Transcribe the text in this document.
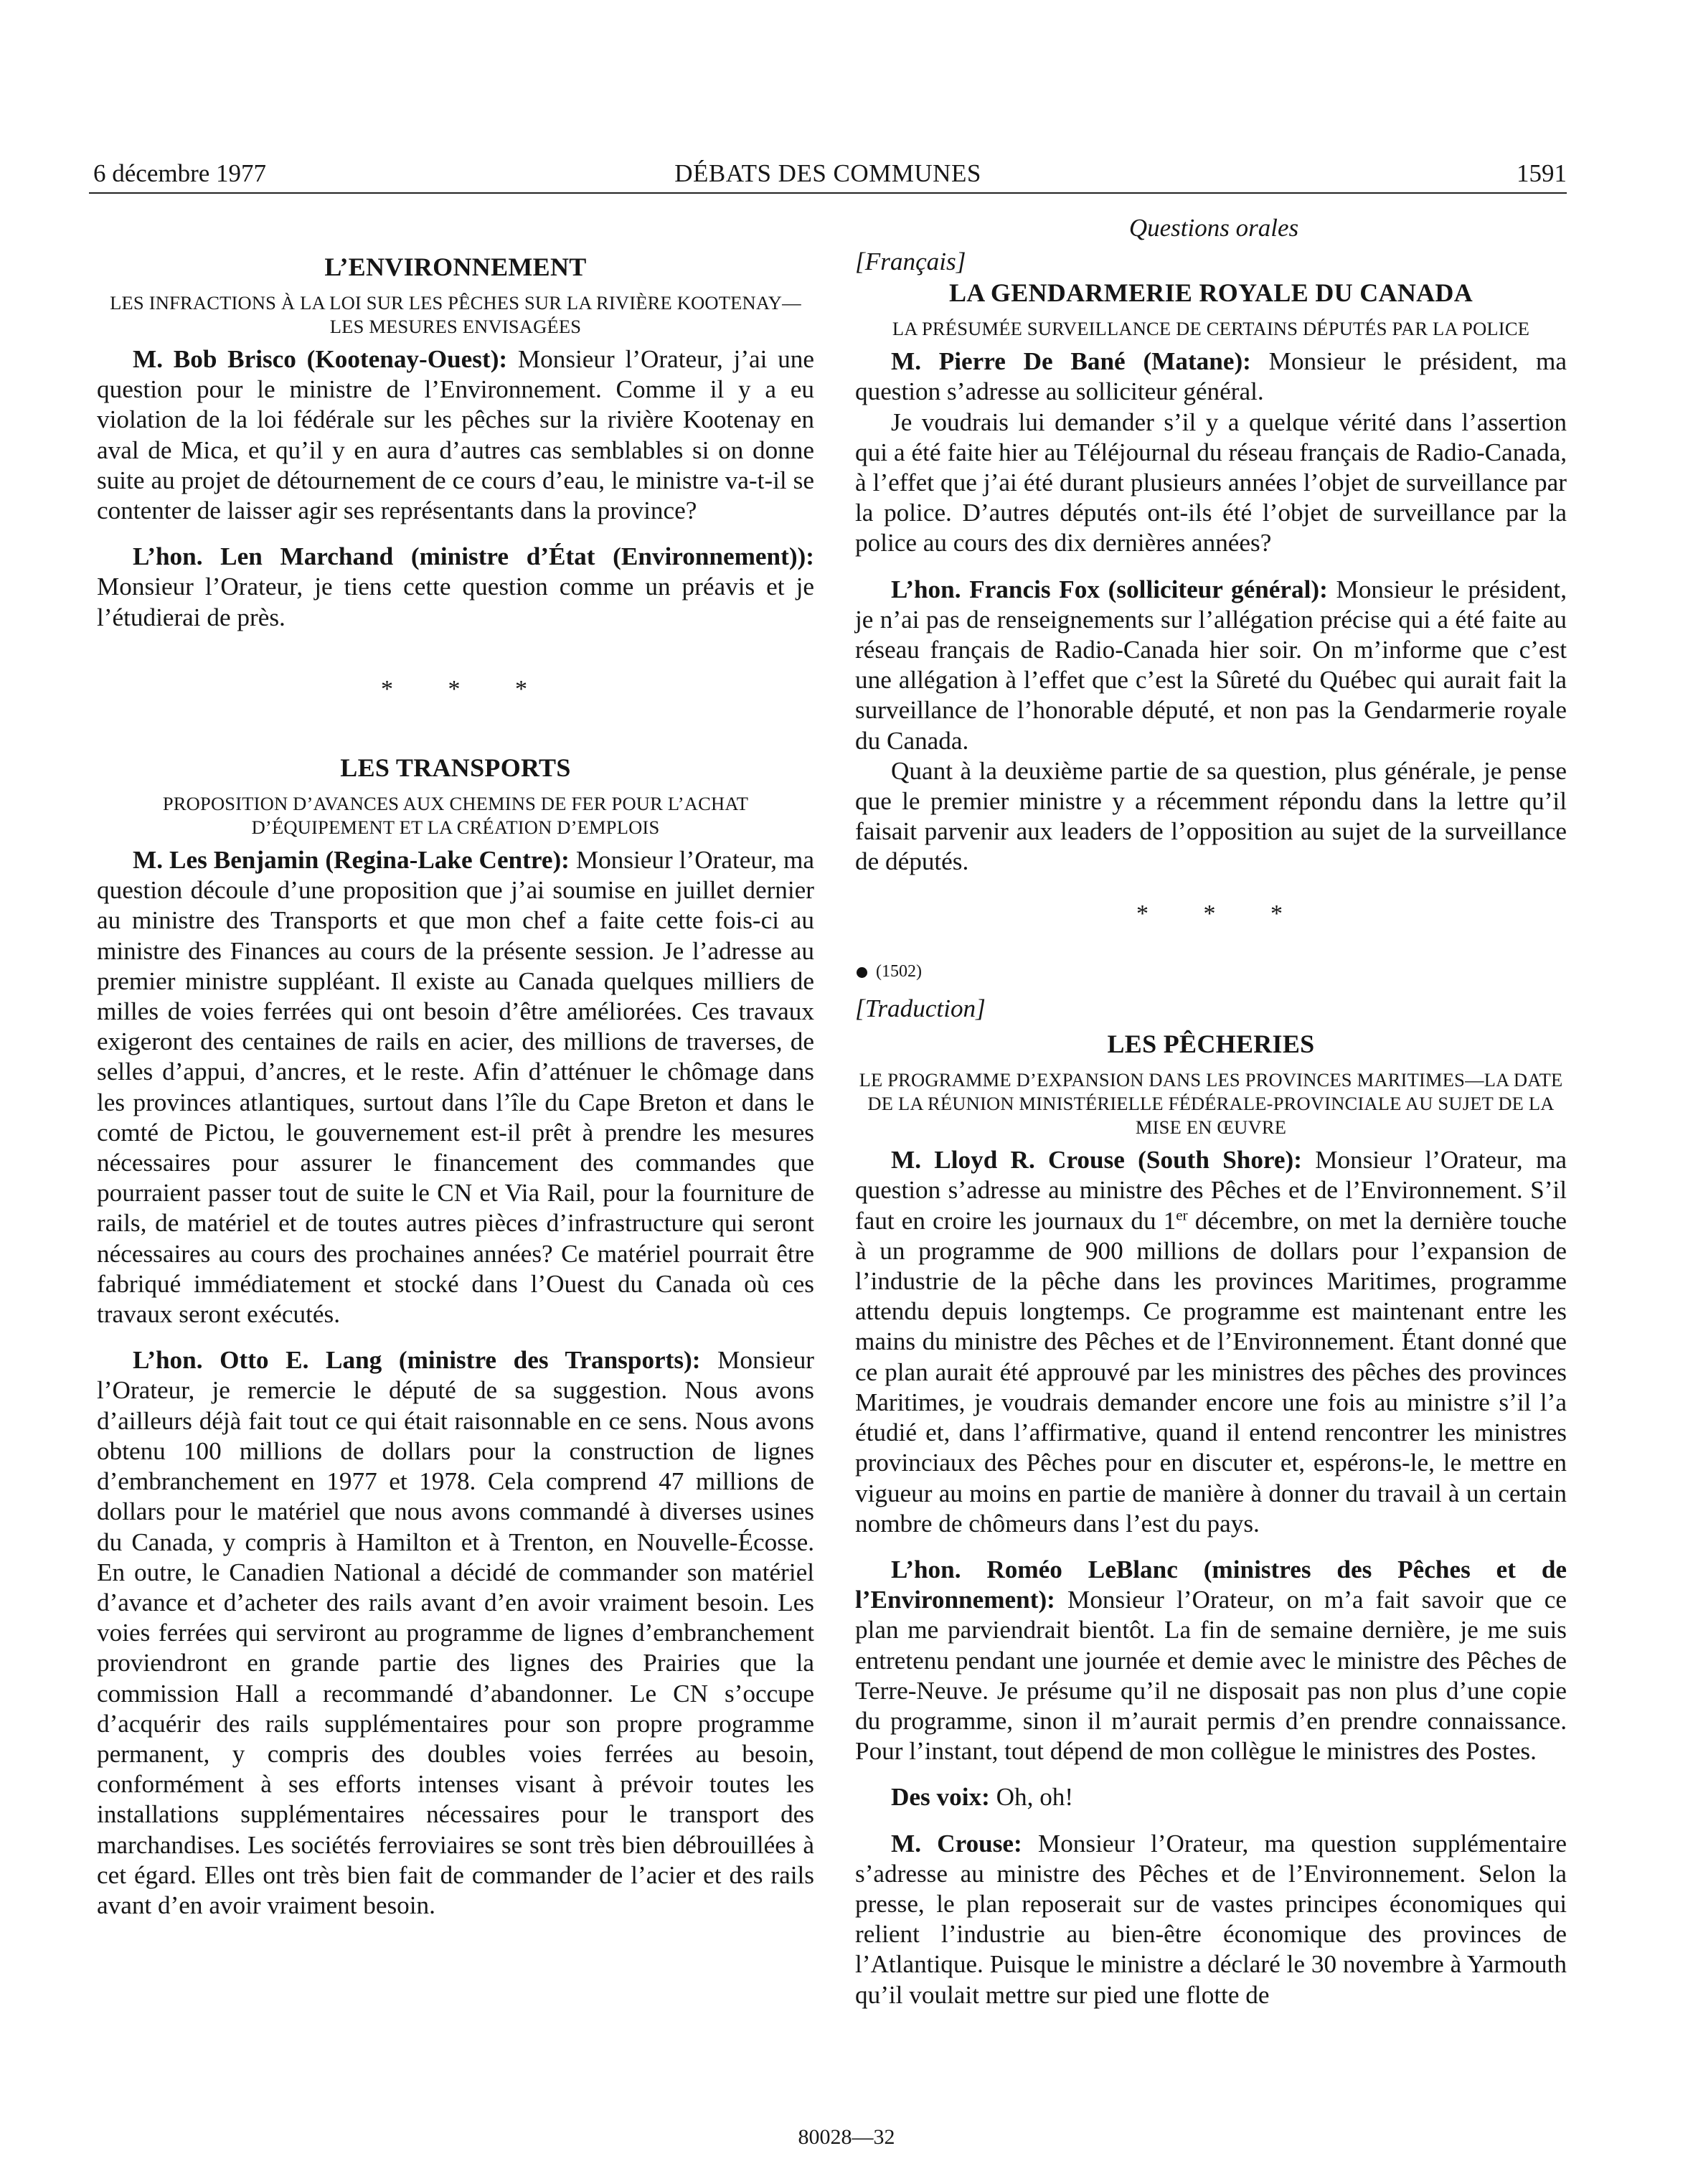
6 décembre 1977	DÉBATS DES COMMUNES	1591
Questions orales
L’ENVIRONNEMENT
LES INFRACTIONS À LA LOI SUR LES PÊCHES SUR LA RIVIÈRE KOOTENAY—LES MESURES ENVISAGÉES

M. Bob Brisco (Kootenay-Ouest): Monsieur l’Orateur, j’ai une question pour le ministre de l’Environnement. Comme il y a eu violation de la loi fédérale sur les pêches sur la rivière Kootenay en aval de Mica, et qu’il y en aura d’autres cas semblables si on donne suite au projet de détournement de ce cours d’eau, le ministre va-t-il se contenter de laisser agir ses représentants dans la province?

L’hon. Len Marchand (ministre d’État (Environnement)): Monsieur l’Orateur, je tiens cette question comme un préavis et je l’étudierai de près.

* * *
LES TRANSPORTS
PROPOSITION D’AVANCES AUX CHEMINS DE FER POUR L’ACHAT D’ÉQUIPEMENT ET LA CRÉATION D’EMPLOIS

M. Les Benjamin (Regina-Lake Centre): Monsieur l’Orateur, ma question découle d’une proposition que j’ai soumise en juillet dernier au ministre des Transports et que mon chef a faite cette fois-ci au ministre des Finances au cours de la présente session. Je l’adresse au premier ministre suppléant. Il existe au Canada quelques milliers de milles de voies ferrées qui ont besoin d’être améliorées. Ces travaux exigeront des centaines de rails en acier, des millions de traverses, de selles d’appui, d’ancres, et le reste. Afin d’atténuer le chômage dans les provinces atlantiques, surtout dans l’île du Cape Breton et dans le comté de Pictou, le gouvernement est-il prêt à prendre les mesures nécessaires pour assurer le financement des commandes que pourraient passer tout de suite le CN et Via Rail, pour la fourniture de rails, de matériel et de toutes autres pièces d’infrastructure qui seront nécessaires au cours des prochaines années? Ce matériel pourrait être fabriqué immédiatement et stocké dans l’Ouest du Canada où ces travaux seront exécutés.

L’hon. Otto E. Lang (ministre des Transports): Monsieur l’Orateur, je remercie le député de sa suggestion. Nous avons d’ailleurs déjà fait tout ce qui était raisonnable en ce sens. Nous avons obtenu 100 millions de dollars pour la construction de lignes d’embranchement en 1977 et 1978. Cela comprend 47 millions de dollars pour le matériel que nous avons commandé à diverses usines du Canada, y compris à Hamilton et à Trenton, en Nouvelle-Écosse. En outre, le Canadien National a décidé de commander son matériel d’avance et d’acheter des rails avant d’en avoir vraiment besoin. Les voies ferrées qui serviront au programme de lignes d’embranchement proviendront en grande partie des lignes des Prairies que la commission Hall a recommandé d’abandonner. Le CN s’occupe d’acquérir des rails supplémentaires pour son propre programme permanent, y compris des doubles voies ferrées au besoin, conformément à ses efforts intenses visant à prévoir toutes les installations supplémentaires nécessaires pour le transport des marchandises. Les sociétés ferroviaires se sont très bien débrouillées à cet égard. Elles ont très bien fait de commander de l’acier et des rails avant d’en avoir vraiment besoin.

[Français]

LA GENDARMERIE ROYALE DU CANADA
LA PRÉSUMÉE SURVEILLANCE DE CERTAINS DÉPUTÉS PAR LA POLICE

M. Pierre De Bané (Matane): Monsieur le président, ma question s’adresse au solliciteur général.

Je voudrais lui demander s’il y a quelque vérité dans l’assertion qui a été faite hier au Téléjournal du réseau français de Radio-Canada, à l’effet que j’ai été durant plusieurs années l’objet de surveillance par la police. D’autres députés ont-ils été l’objet de surveillance par la police au cours des dix dernières années?

L’hon. Francis Fox (solliciteur général): Monsieur le président, je n’ai pas de renseignements sur l’allégation précise qui a été faite au réseau français de Radio-Canada hier soir. On m’informe que c’est une allégation à l’effet que c’est la Sûreté du Québec qui aurait fait la surveillance de l’honorable député, et non pas la Gendarmerie royale du Canada.

Quant à la deuxième partie de sa question, plus générale, je pense que le premier ministre y a récemment répondu dans la lettre qu’il faisait parvenir aux leaders de l’opposition au sujet de la surveillance de députés.

* * *
(1502)

[Traduction]

LES PÊCHERIES
LE PROGRAMME D’EXPANSION DANS LES PROVINCES MARITIMES—LA DATE DE LA RÉUNION MINISTÉRIELLE FÉDÉRALE-PROVINCIALE AU SUJET DE LA MISE EN ŒUVRE

M. Lloyd R. Crouse (South Shore): Monsieur l’Orateur, ma question s’adresse au ministre des Pêches et de l’Environnement. S’il faut en croire les journaux du 1er décembre, on met la dernière touche à un programme de 900 millions de dollars pour l’expansion de l’industrie de la pêche dans les provinces Maritimes, programme attendu depuis longtemps. Ce programme est maintenant entre les mains du ministre des Pêches et de l’Environnement. Étant donné que ce plan aurait été approuvé par les ministres des pêches des provinces Maritimes, je voudrais demander encore une fois au ministre s’il l’a étudié et, dans l’affirmative, quand il entend rencontrer les ministres provinciaux des Pêches pour en discuter et, espérons-le, le mettre en vigueur au moins en partie de manière à donner du travail à un certain nombre de chômeurs dans l’est du pays.

L’hon. Roméo LeBlanc (ministres des Pêches et de l’Environnement): Monsieur l’Orateur, on m’a fait savoir que ce plan me parviendrait bientôt. La fin de semaine dernière, je me suis entretenu pendant une journée et demie avec le ministre des Pêches de Terre-Neuve. Je présume qu’il ne disposait pas non plus d’une copie du programme, sinon il m’aurait permis d’en prendre connaissance. Pour l’instant, tout dépend de mon collègue le ministres des Postes.

Des voix: Oh, oh!

M. Crouse: Monsieur l’Orateur, ma question supplémentaire s’adresse au ministre des Pêches et de l’Environnement. Selon la presse, le plan reposerait sur de vastes principes économiques qui relient l’industrie au bien-être économique des provinces de l’Atlantique. Puisque le ministre a déclaré le 30 novembre à Yarmouth qu’il voulait mettre sur pied une flotte de

80028—32
